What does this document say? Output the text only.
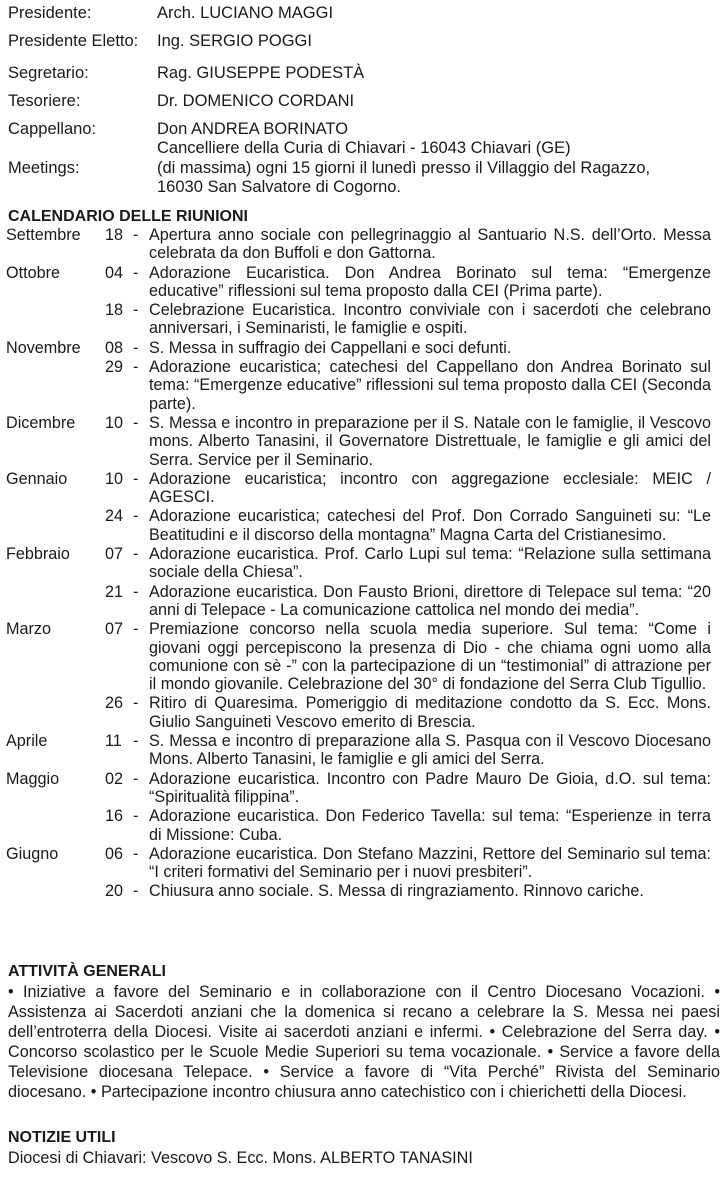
Presidente:	Arch. LUCIANO MAGGI
Presidente Eletto: Ing. SERGIO POGGI
Segretario:	Rag. GIUSEPPE PODESTÀ
Tesoriere:	Dr. DOMENICO CORDANI
Cappellano:	Don ANDREA BORINATO
Cancelliere della Curia di Chiavari - 16043 Chiavari (GE)
Meetings:	(di massima) ogni 15 giorni il lunedì presso il Villaggio del Ragazzo,
16030 San Salvatore di Cogorno.
CALENDARIO DELLE RIUNIONI
Settembre	18 - Apertura anno sociale con pellegrinaggio al Santuario N.S. dell’Orto. Messa celebrata da don Buffoli e don Gattorna.
Ottobre	04 - Adorazione Eucaristica. Don Andrea Borinato sul tema: “Emergenze educative” riflessioni sul tema proposto dalla CEI (Prima parte).
18 - Celebrazione Eucaristica. Incontro conviviale con i sacerdoti che celebrano anniversari, i Seminaristi, le famiglie e ospiti.
Novembre	08 - S. Messa in suffragio dei Cappellani e soci defunti.
29 - Adorazione eucaristica; catechesi del Cappellano don Andrea Borinato sul tema: “Emergenze educative” riflessioni sul tema proposto dalla CEI (Seconda parte).
Dicembre	10 - S. Messa e incontro in preparazione per il S. Natale con le famiglie, il Vescovo mons. Alberto Tanasini, il Governatore Distrettuale, le famiglie e gli amici del Serra. Service per il Seminario.
Gennaio	10 - Adorazione eucaristica; incontro con aggregazione ecclesiale: MEIC / AGESCI.
24 - Adorazione eucaristica; catechesi del Prof. Don Corrado Sanguineti su: “Le Beatitudini e il discorso della montagna” Magna Carta del Cristianesimo.
Febbraio	07 - Adorazione eucaristica. Prof. Carlo Lupi sul tema: “Relazione sulla settimana sociale della Chiesa”.
21 - Adorazione eucaristica. Don Fausto Brioni, direttore di Telepace sul tema: “20 anni di Telepace - La comunicazione cattolica nel mondo dei media”.
Marzo	07 - Premiazione concorso nella scuola media superiore. Sul tema: “Come i giovani oggi percepiscono la presenza di Dio - che chiama ogni uomo alla comunione con sè -” con la partecipazione di un “testimonial” di attrazione per il mondo giovanile. Celebrazione del 30° di fondazione del Serra Club Tigullio.
26 - Ritiro di Quaresima. Pomeriggio di meditazione condotto da S. Ecc. Mons. Giulio Sanguineti Vescovo emerito di Brescia.
Aprile	11 - S. Messa e incontro di preparazione alla S. Pasqua con il Vescovo Diocesano Mons. Alberto Tanasini, le famiglie e gli amici del Serra.
Maggio	02 - Adorazione eucaristica. Incontro con Padre Mauro De Gioia, d.O. sul tema: “Spiritualità filippina”.
16 - Adorazione eucaristica. Don Federico Tavella: sul tema: “Esperienze in terra di Missione: Cuba.
Giugno	06 - Adorazione eucaristica. Don Stefano Mazzini, Rettore del Seminario sul tema: “I criteri formativi del Seminario per i nuovi presbiteri”.
20 - Chiusura anno sociale. S. Messa di ringraziamento. Rinnovo cariche.
ATTIVITÀ GENERALI
• Iniziative a favore del Seminario e in collaborazione con il Centro Diocesano Vocazioni. • Assistenza ai Sacerdoti anziani che la domenica si recano a celebrare la S. Messa nei paesi dell’entroterra della Diocesi. Visite ai sacerdoti anziani e infermi. • Celebrazione del Serra day. • Concorso scolastico per le Scuole Medie Superiori su tema vocazionale. • Service a favore della Televisione diocesana Telepace. • Service a favore di “Vita Perché” Rivista del Seminario diocesano. • Partecipazione incontro chiusura anno catechistico con i chierichetti della Diocesi.
NOTIZIE UTILI
Diocesi di Chiavari: Vescovo S. Ecc. Mons. ALBERTO TANASINI
